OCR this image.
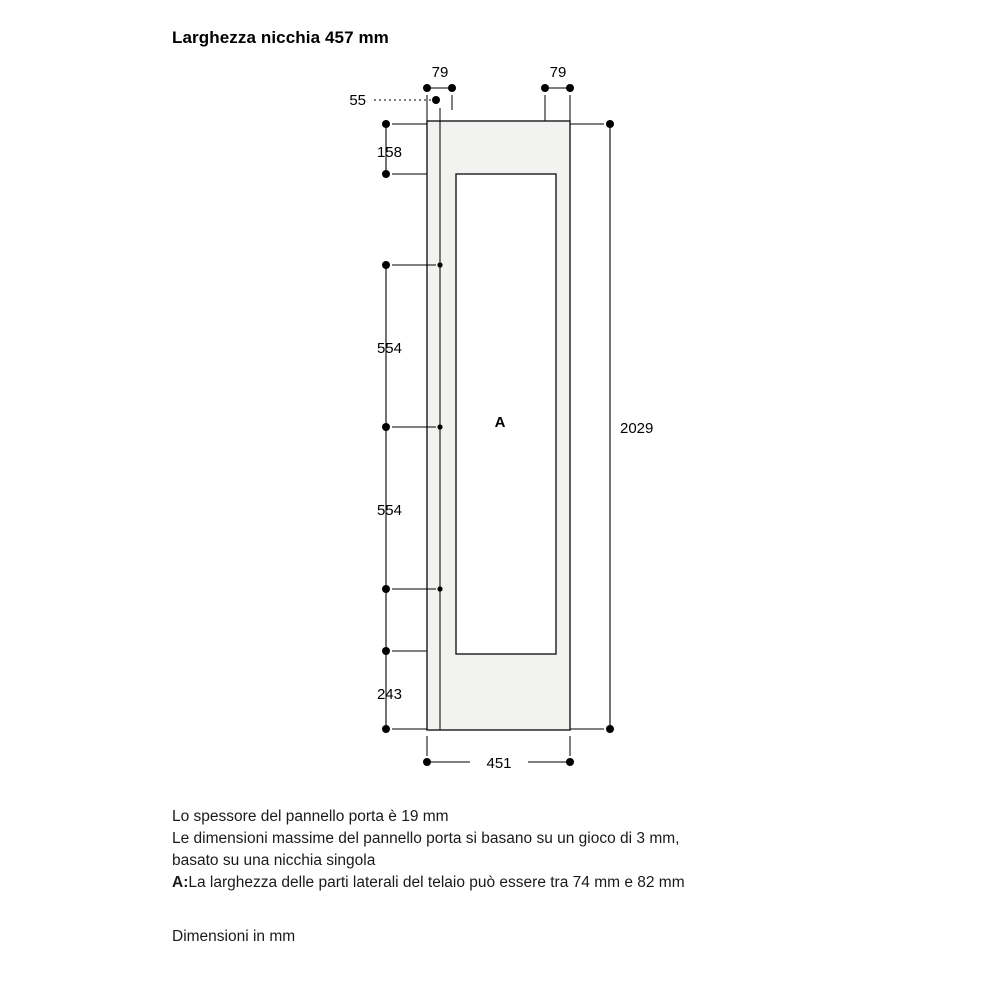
Larghezza nicchia 457 mm
79	79
55
158
554
554
243
2029
451
A
Lo spessore del pannello porta è 19 mm
Le dimensioni massime del pannello porta si basano su un gioco di 3 mm,
basato su una nicchia singola
A:La larghezza delle parti laterali del telaio può essere tra 74 mm e 82 mm
Dimensioni in mm
